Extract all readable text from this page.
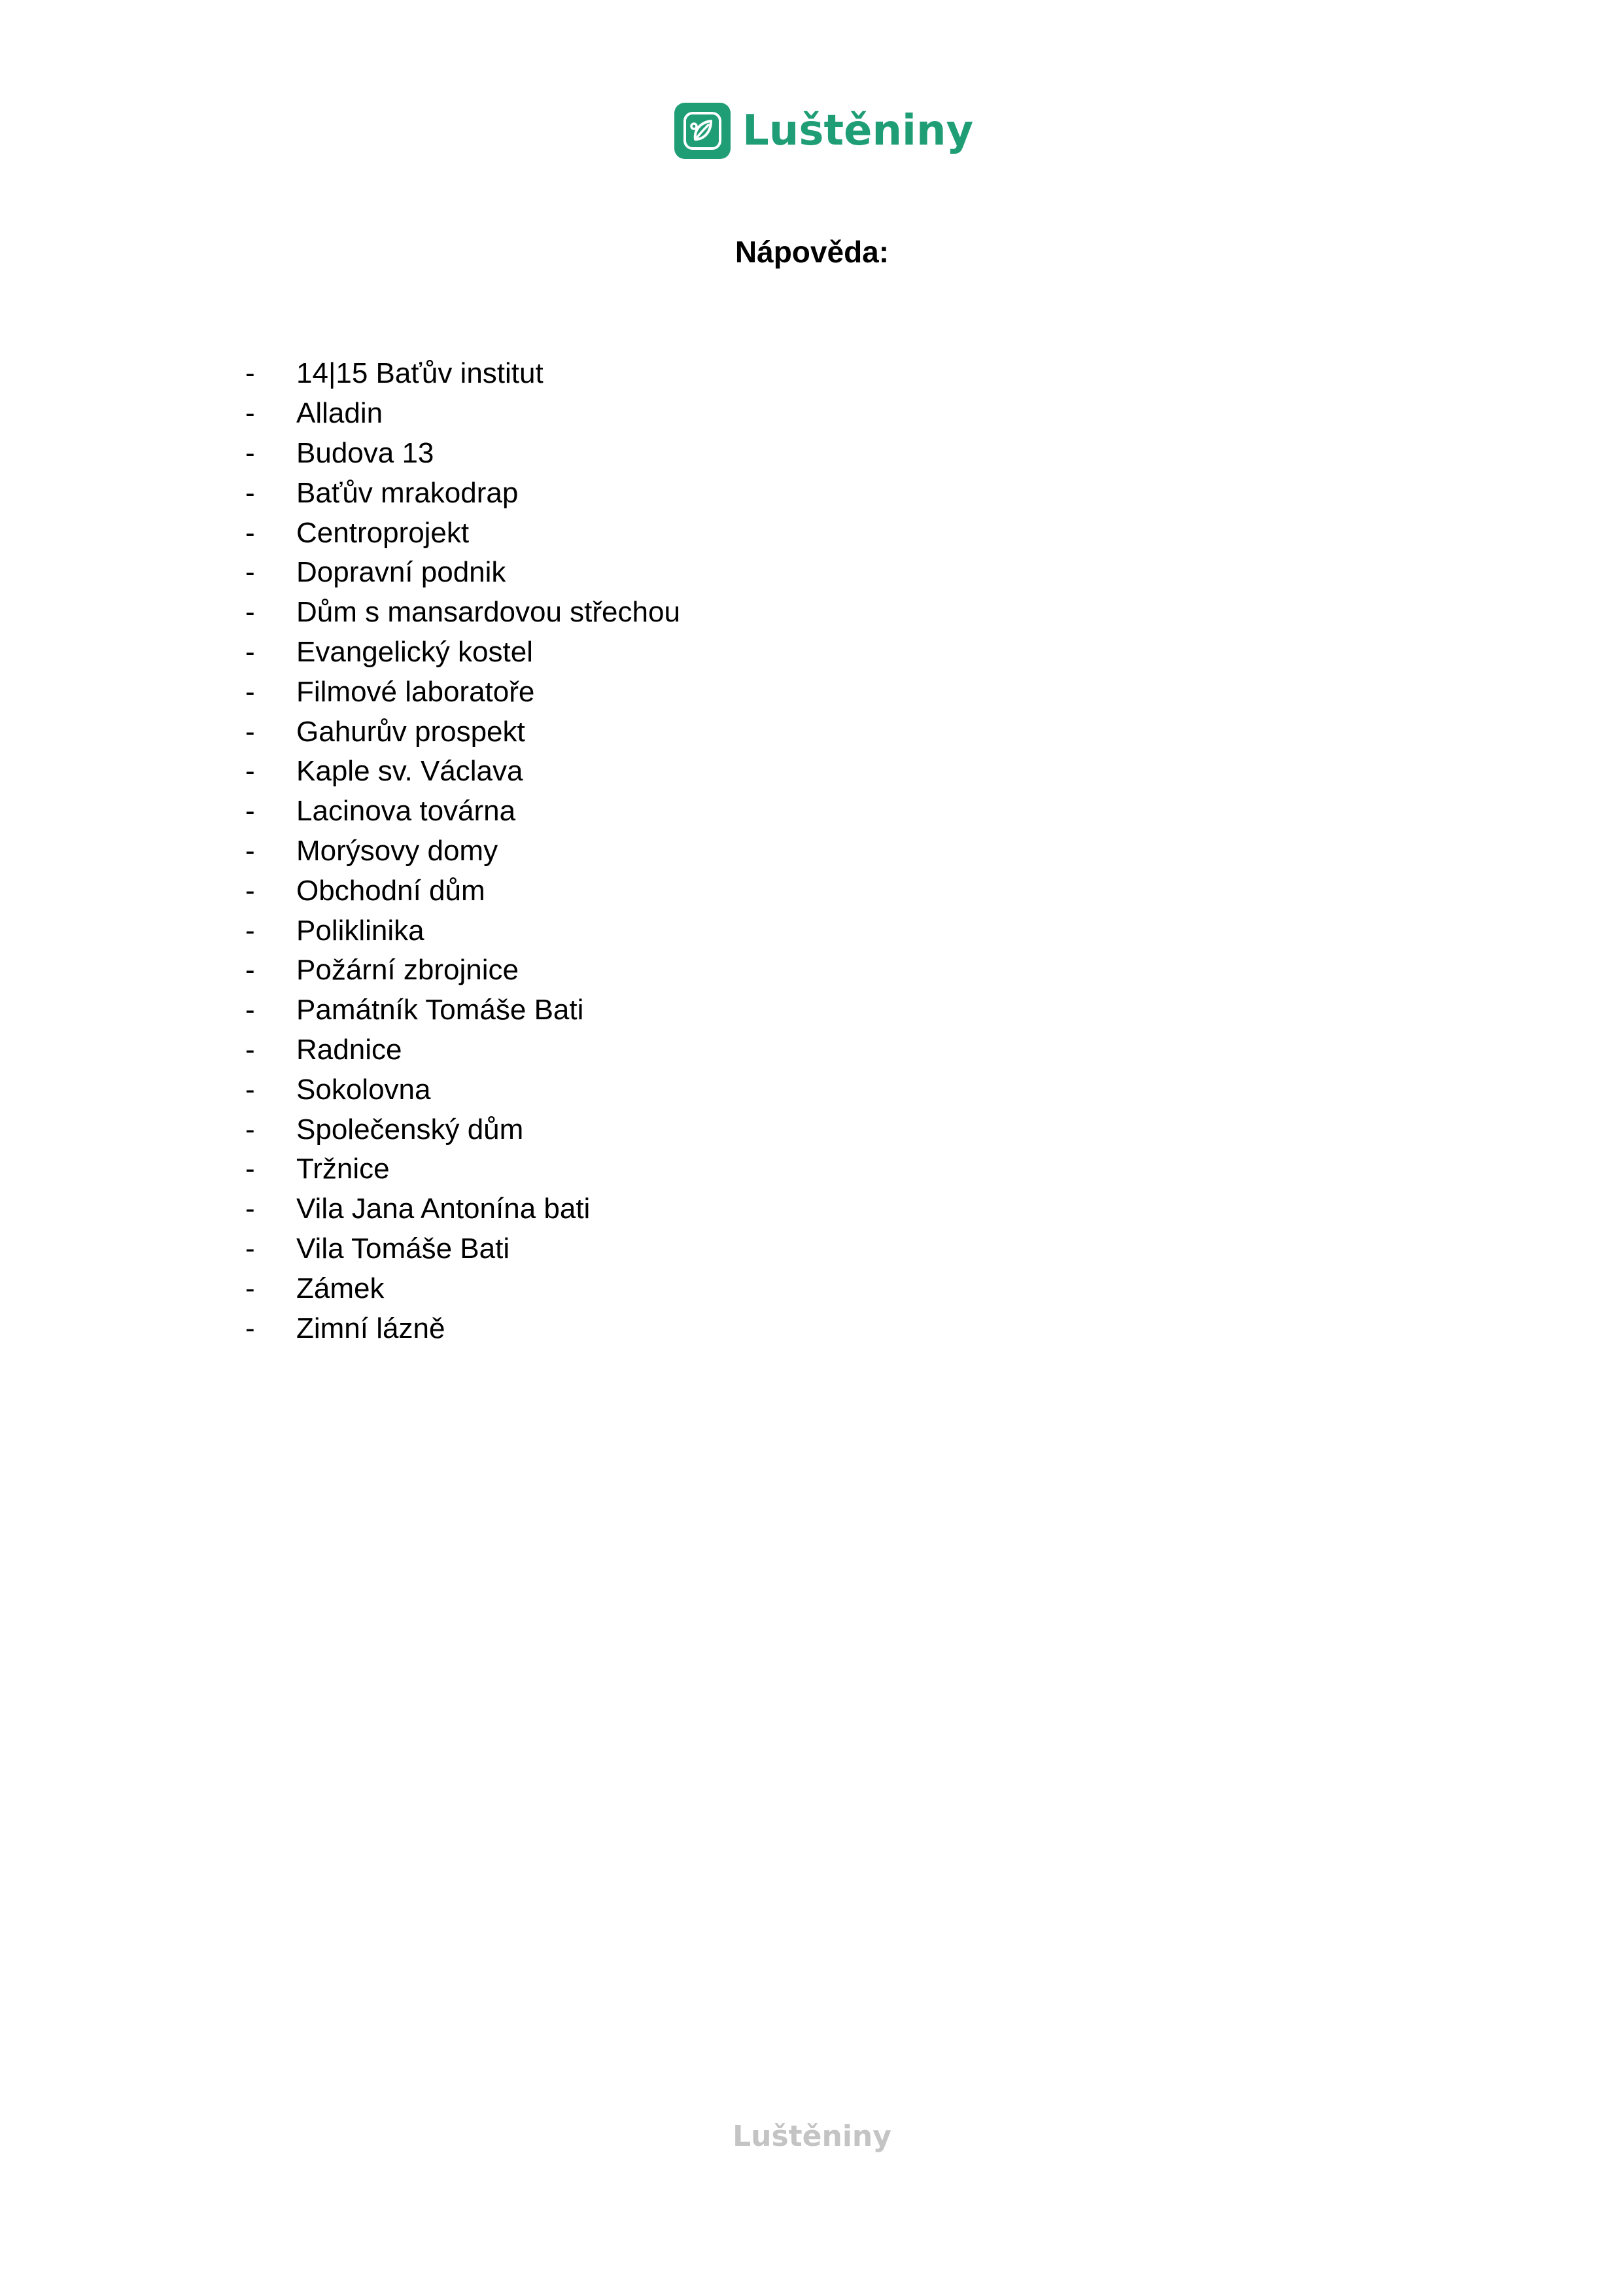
Luštěniny
Nápověda:
-	14|15 Baťův institut
-	Alladin
-	Budova 13
-	Baťův mrakodrap
-	Centroprojekt
-	Dopravní podnik
-	Dům s mansardovou střechou
-	Evangelický kostel
-	Filmové laboratoře
-	Gahurův prospekt
-	Kaple sv. Václava
-	Lacinova továrna
-	Morýsovy domy
-	Obchodní dům
-	Poliklinika
-	Požární zbrojnice
-	Památník Tomáše Bati
-	Radnice
-	Sokolovna
-	Společenský dům
-	Tržnice
-	Vila Jana Antonína bati
-	Vila Tomáše Bati
-	Zámek
-	Zimní lázně
Luštěniny
